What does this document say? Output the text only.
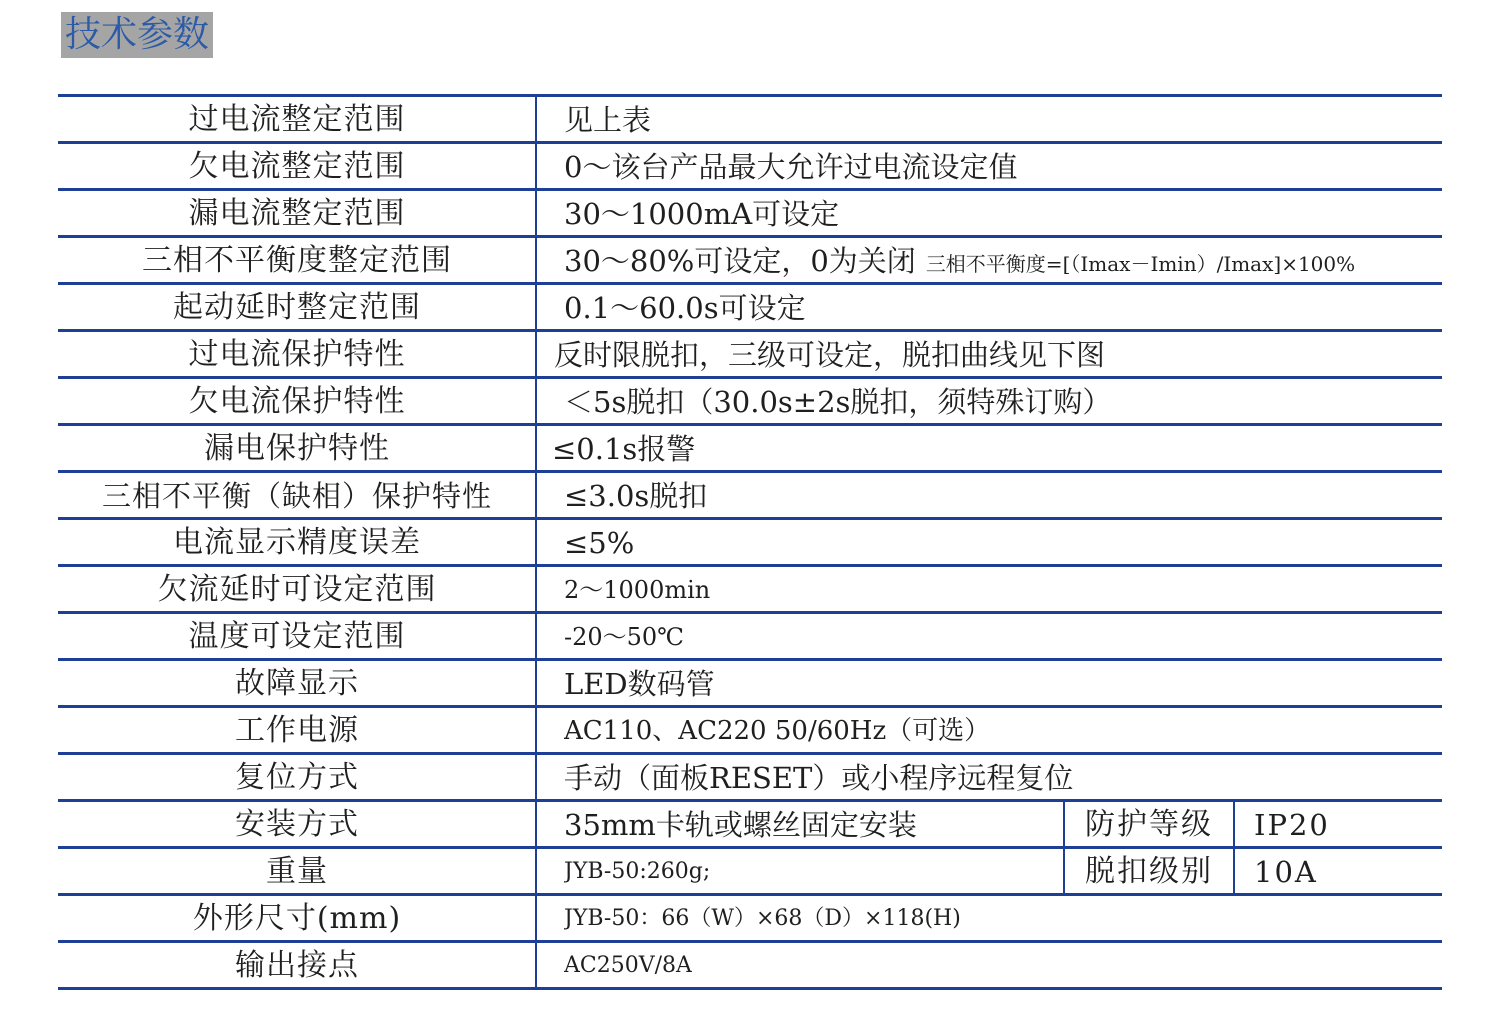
技术参数
过电流整定范围	见上表
欠电流整定范围	0～该台产品最大允许过电流设定值
漏电流整定范围	30～1000mA可设定
三相不平衡度整定范围	30～80%可设定，0为关闭 三相不平衡度=[（Imax－Imin）/Imax]×100%
起动延时整定范围	0.1～60.0s可设定
过电流保护特性	反时限脱扣，三级可设定，脱扣曲线见下图
欠电流保护特性	＜5s脱扣（30.0s±2s脱扣，须特殊订购）
漏电保护特性	≤0.1s报警
三相不平衡（缺相）保护特性	≤3.0s脱扣
电流显示精度误差	≤5%
欠流延时可设定范围	2～1000min
温度可设定范围	-20～50℃
故障显示	LED数码管
工作电源	AC110、AC220 50/60Hz（可选）
复位方式	手动（面板RESET）或小程序远程复位
安装方式	35mm卡轨或螺丝固定安装	防护等级	IP20
重量	JYB-50:260g;	脱扣级别	10A
外形尺寸(mm)	JYB-50：66（W）×68（D）×118(H)
输出接点	AC250V/8A
